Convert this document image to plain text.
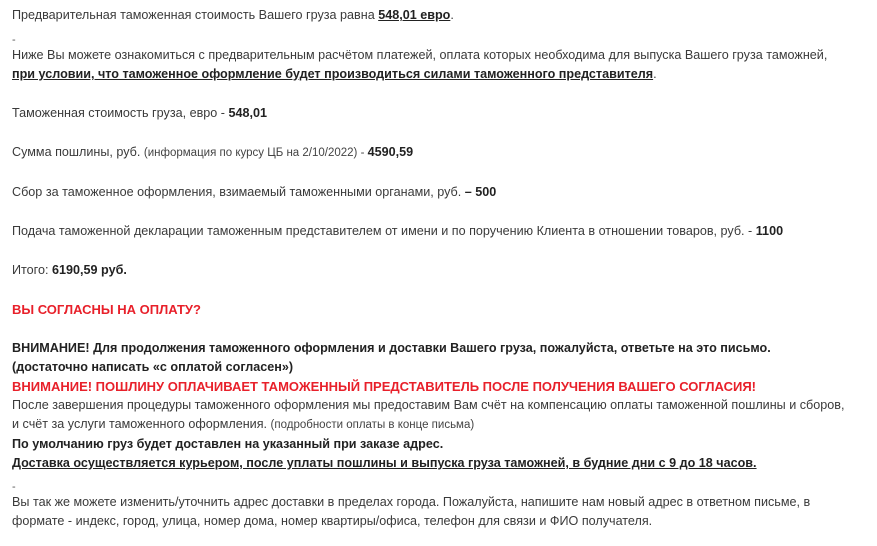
Предварительная таможенная стоимость Вашего груза равна 548,01 евро.

-

Ниже Вы можете ознакомиться с предварительным расчётом платежей, оплата которых необходима для выпуска Вашего груза таможней,

при условии, что таможенное оформление будет производиться силами таможенного представителя.

Таможенная стоимость груза, евро - 548,01

Сумма пошлины, руб. (информация по курсу ЦБ на 2/10/2022) - 4590,59

Сбор за таможенное оформления, взимаемый таможенными органами, руб. – 500

Подача таможенной декларации таможенным представителем от имени и по поручению Клиента в отношении товаров, руб. - 1100

Итого: 6190,59 руб.

ВЫ СОГЛАСНЫ НА ОПЛАТУ?

ВНИМАНИЕ! Для продолжения таможенного оформления и доставки Вашего груза, пожалуйста, ответьте на это письмо.

(достаточно написать «с оплатой согласен»)

ВНИМАНИЕ! ПОШЛИНУ ОПЛАЧИВАЕТ ТАМОЖЕННЫЙ ПРЕДСТАВИТЕЛЬ ПОСЛЕ ПОЛУЧЕНИЯ ВАШЕГО СОГЛАСИЯ!

После завершения процедуры таможенного оформления мы предоставим Вам счёт на компенсацию оплаты таможенной пошлины и сборов,

и счёт за услуги таможенного оформления. (подробности оплаты в конце письма)

По умолчанию груз будет доставлен на указанный при заказе адрес.

Доставка осуществляется курьером, после уплаты пошлины и выпуска груза таможней, в будние дни с 9 до 18 часов.

-

Вы так же можете изменить/уточнить адрес доставки в пределах города. Пожалуйста, напишите нам новый адрес в ответном письме, в

формате - индекс, город, улица, номер дома, номер квартиры/офиса, телефон для связи и ФИО получателя.
